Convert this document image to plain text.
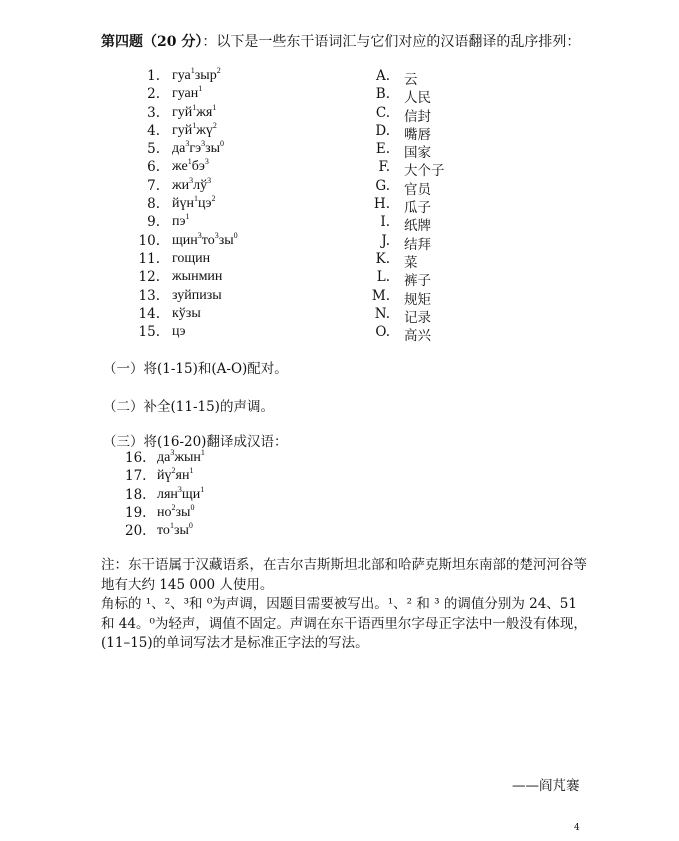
第四题（20 分）：以下是一些东干语词汇与它们对应的汉语翻译的乱序排列：
1. гуа$^1$зыр$^2$	A. 云
2. гуан$^1$	B. 人民
3. $гуй^1жя^1$	C. 信封
4. $гуй^1жү^2$	D. 嘴唇
5. $да^3гэ^3зы^0$	E. 国家
6. $же^1бэ^3$	F. 大个子
7. $жи^3лў^3$	G. 官员
8. $йүн^1цэ^2$	H. 瓜子
9. $пэ^1$	I. 纸牌
10. $щин^3то^3зы^0$	J. 结拜
11. гощин	K. 菜
12. жынмин	L. 裤子
13. зуйпизы	M. 规矩
14. кўзы	N. 记录
15. цэ	O. 高兴
（一）将(1-15)和(A-O)配对。
（二）补全(11-15)的声调。
（三）将(16-20)翻译成汉语：
16. $да^3жын^1$
17. $йү^2ян^1$
18. $лян^3щи^1$
19. $но^2зы^0$
20. $то^1зы^0$

注：东干语属于汉藏语系，在吉尔吉斯斯坦北部和哈萨克斯坦东南部的楚河河谷等地有大约 145 000 人使用。

角标的 ¹、²、³和 ⁰为声调，因题目需要被写出。¹、² 和 ³ 的调值分别为 24、51 和 44。⁰为轻声，调值不固定。声调在东干语西里尔字母正字法中一般没有体现，(11–15)的单词写法才是标准正字法的写法。

——阎芃褰
4
